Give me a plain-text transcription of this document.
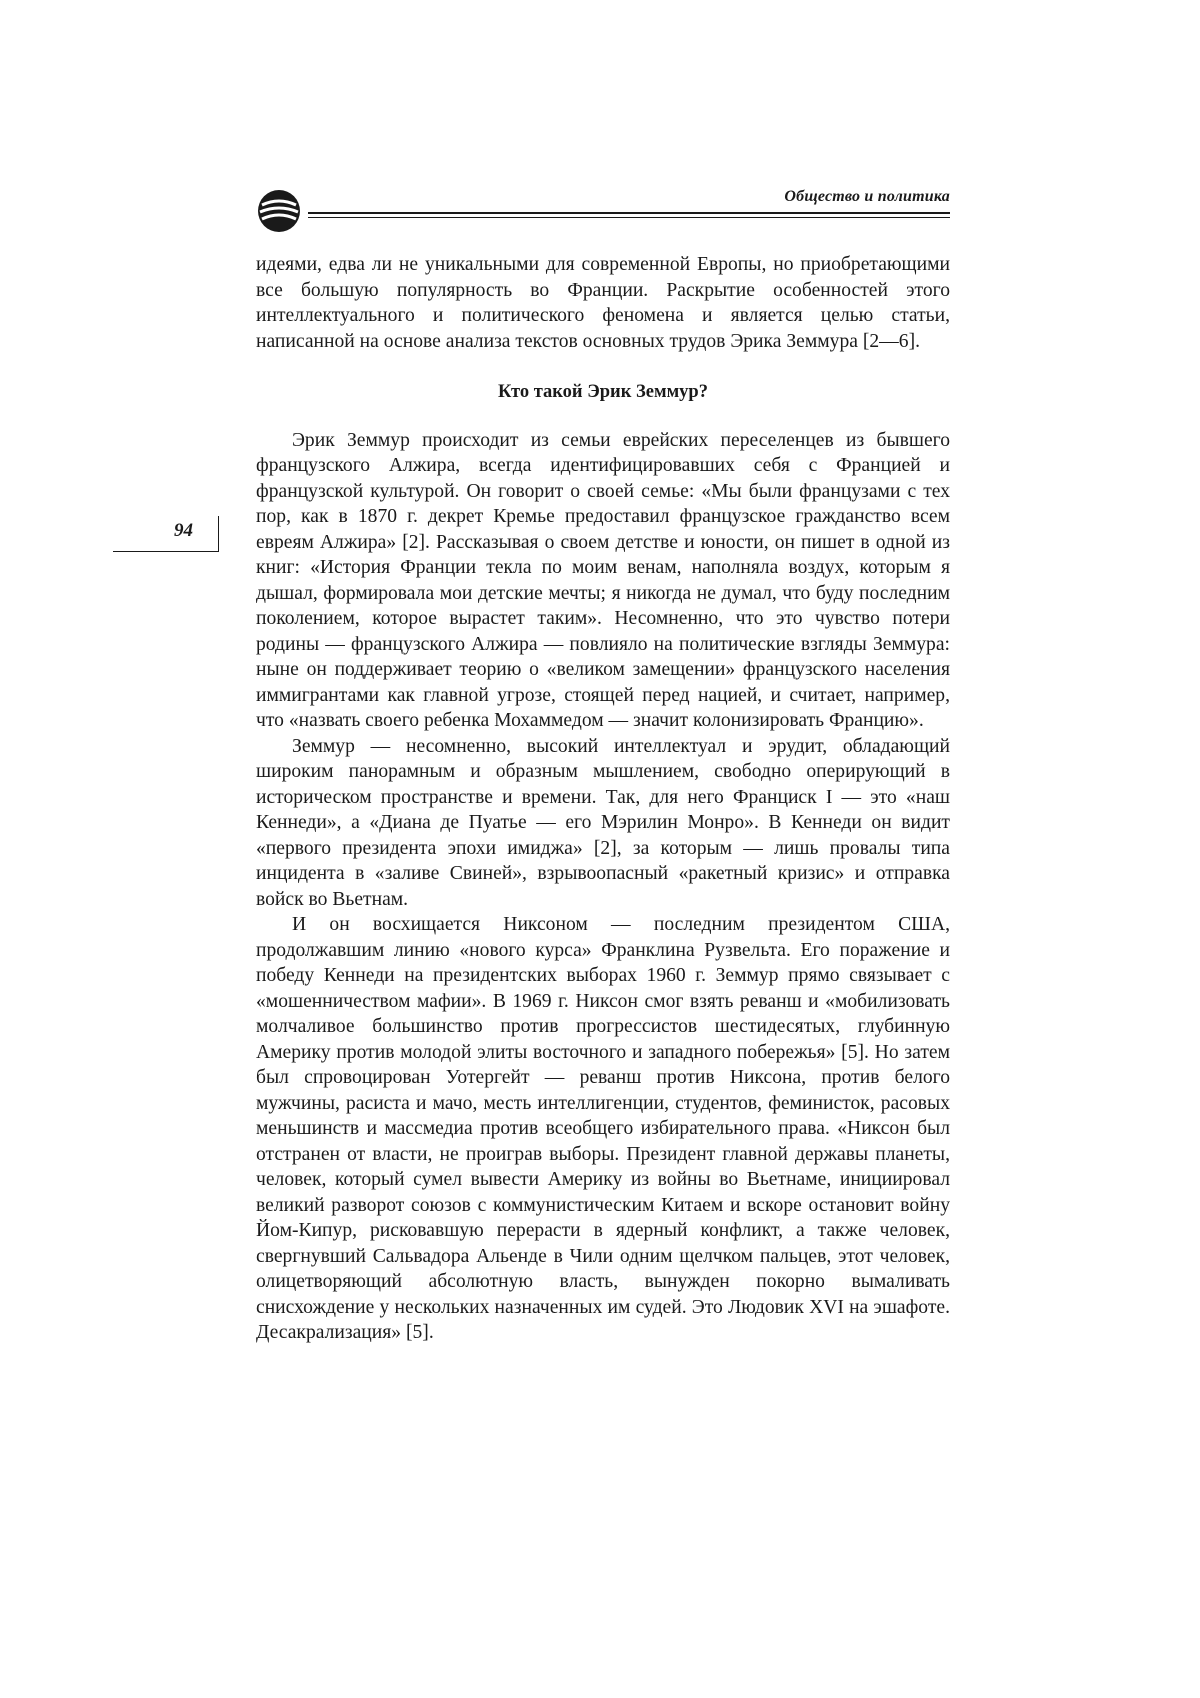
Общество и политика
94

идеями, едва ли не уникальными для современной Европы, но приобретающими все большую популярность во Франции. Раскрытие особенностей этого интеллектуального и политического феномена и является целью статьи, написанной на основе анализа текстов основных трудов Эрика Земмура [2—6].

Кто такой Эрик Земмур?

Эрик Земмур происходит из семьи еврейских переселенцев из бывшего французского Алжира, всегда идентифицировавших себя с Францией и французской культурой. Он говорит о своей семье: «Мы были французами с тех пор, как в 1870 г. декрет Кремье предоставил французское гражданство всем евреям Алжира» [2]. Рассказывая о своем детстве и юности, он пишет в одной из книг: «История Франции текла по моим венам, наполняла воздух, которым я дышал, формировала мои детские мечты; я никогда не думал, что буду последним поколением, которое вырастет таким». Несомненно, что это чувство потери родины — французского Алжира — повлияло на политические взгляды Земмура: ныне он поддерживает теорию о «великом замещении» французского населения иммигрантами как главной угрозе, стоящей перед нацией, и считает, например, что «назвать своего ребенка Мохаммедом — значит колонизировать Францию».

Земмур — несомненно, высокий интеллектуал и эрудит, обладающий широким панорамным и образным мышлением, свободно оперирующий в историческом пространстве и времени. Так, для него Франциск I — это «наш Кеннеди», а «Диана де Пуатье — его Мэрилин Монро». В Кеннеди он видит «первого президента эпохи имиджа» [2], за которым — лишь провалы типа инцидента в «заливе Свиней», взрывоопасный «ракетный кризис» и отправка войск во Вьетнам.

И он восхищается Никсоном — последним президентом США, продолжавшим линию «нового курса» Франклина Рузвельта. Его поражение и победу Кеннеди на президентских выборах 1960 г. Земмур прямо связывает с «мошенничеством мафии». В 1969 г. Никсон смог взять реванш и «мобилизовать молчаливое большинство против прогрессистов шестидесятых, глубинную Америку против молодой элиты восточного и западного побережья» [5]. Но затем был спровоцирован Уотергейт — реванш против Никсона, против белого мужчины, расиста и мачо, месть интеллигенции, студентов, феминисток, расовых меньшинств и массмедиа против всеобщего избирательного права. «Никсон был отстранен от власти, не проиграв выборы. Президент главной державы планеты, человек, который сумел вывести Америку из войны во Вьетнаме, инициировал великий разворот союзов с коммунистическим Китаем и вскоре остановит войну Йом-Кипур, рисковавшую перерасти в ядерный конфликт, а также человек, свергнувший Сальвадора Альенде в Чили одним щелчком пальцев, этот человек, олицетворяющий абсолютную власть, вынужден покорно вымаливать снисхождение у нескольких назначенных им судей. Это Людовик XVI на эшафоте. Десакрализация» [5].
